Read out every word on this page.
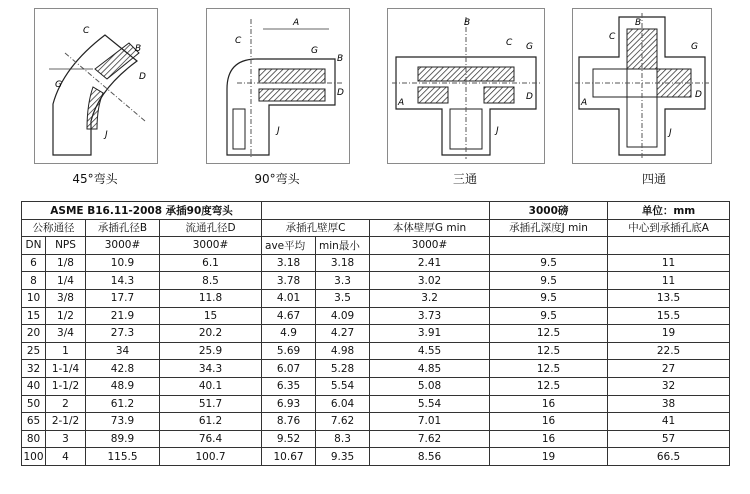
C
B
D
G
J
45°弯头
C
A
B
G
D
J
90°弯头
B
A
C G
D
J
三通
B
C
G
A
D
J
四通
ASME B16.11-2008 承插90度弯头							3000磅	单位：mm
公称通径		承插孔径B	流通孔径D	承插孔壁厚C		本体壁厚G min	承插孔深度J min	中心到承插孔底A
DN	NPS	3000#	3000#	ave平均	min最小	3000#		
6	1/8	10.9	6.1	3.18	3.18	2.41	9.5	11
8	1/4	14.3	8.5	3.78	3.3	3.02	9.5	11
10	3/8	17.7	11.8	4.01	3.5	3.2	9.5	13.5
15	1/2	21.9	15	4.67	4.09	3.73	9.5	15.5
20	3/4	27.3	20.2	4.9	4.27	3.91	12.5	19
25	1	34	25.9	5.69	4.98	4.55	12.5	22.5
32	1-1/4	42.8	34.3	6.07	5.28	4.85	12.5	27
40	1-1/2	48.9	40.1	6.35	5.54	5.08	12.5	32
50	2	61.2	51.7	6.93	6.04	5.54	16	38
65	2-1/2	73.9	61.2	8.76	7.62	7.01	16	41
80	3	89.9	76.4	9.52	8.3	7.62	16	57
100	4	115.5	100.7	10.67	9.35	8.56	19	66.5
